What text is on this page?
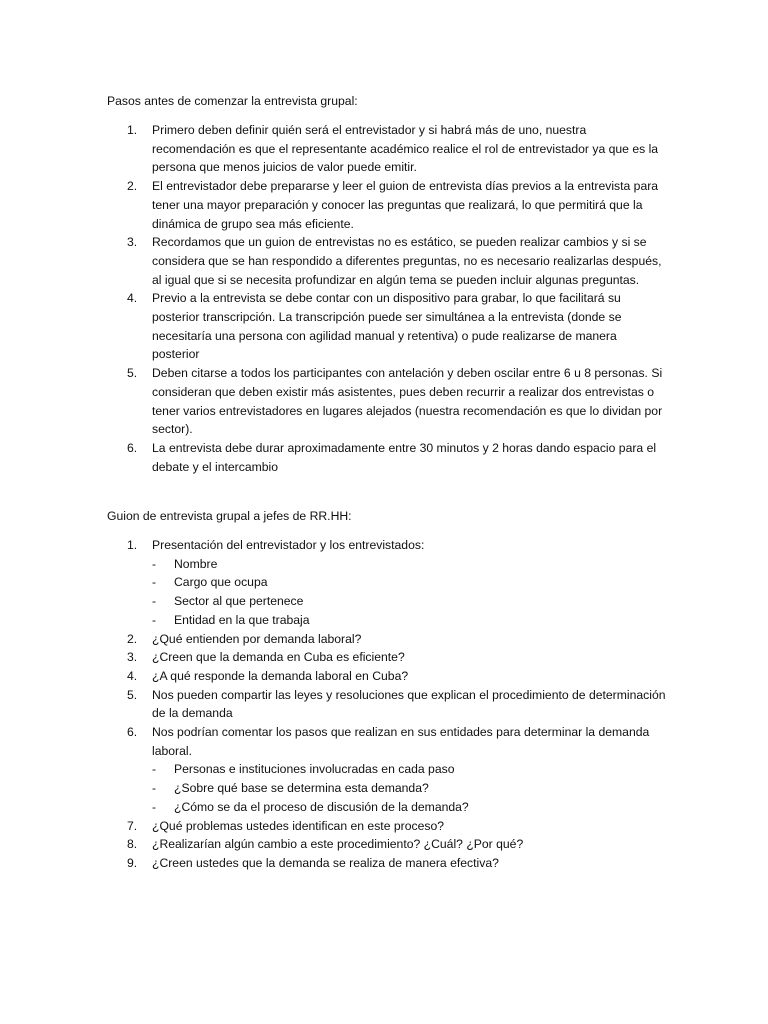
Pasos antes de comenzar la entrevista grupal:

1. Primero deben definir quién será el entrevistador y si habrá más de uno, nuestra recomendación es que el representante académico realice el rol de entrevistador ya que es la persona que menos juicios de valor puede emitir.
2. El entrevistador debe prepararse y leer el guion de entrevista días previos a la entrevista para tener una mayor preparación y conocer las preguntas que realizará, lo que permitirá que la dinámica de grupo sea más eficiente.
3. Recordamos que un guion de entrevistas no es estático, se pueden realizar cambios y si se considera que se han respondido a diferentes preguntas, no es necesario realizarlas después, al igual que si se necesita profundizar en algún tema se pueden incluir algunas preguntas.
4. Previo a la entrevista se debe contar con un dispositivo para grabar, lo que facilitará su posterior transcripción. La transcripción puede ser simultánea a la entrevista (donde se necesitaría una persona con agilidad manual y retentiva) o pude realizarse de manera posterior
5. Deben citarse a todos los participantes con antelación y deben oscilar entre 6 u 8 personas. Si consideran que deben existir más asistentes, pues deben recurrir a realizar dos entrevistas o tener varios entrevistadores en lugares alejados (nuestra recomendación es que lo dividan por sector).
6. La entrevista debe durar aproximadamente entre 30 minutos y 2 horas dando espacio para el debate y el intercambio

Guion de entrevista grupal a jefes de RR.HH:

1. Presentación del entrevistador y los entrevistados:
- Nombre
- Cargo que ocupa
- Sector al que pertenece
- Entidad en la que trabaja
2. ¿Qué entienden por demanda laboral?
3. ¿Creen que la demanda en Cuba es eficiente?
4. ¿A qué responde la demanda laboral en Cuba?
5. Nos pueden compartir las leyes y resoluciones que explican el procedimiento de determinación de la demanda
6. Nos podrían comentar los pasos que realizan en sus entidades para determinar la demanda laboral.
- Personas e instituciones involucradas en cada paso
- ¿Sobre qué base se determina esta demanda?
- ¿Cómo se da el proceso de discusión de la demanda?
7. ¿Qué problemas ustedes identifican en este proceso?
8. ¿Realizarían algún cambio a este procedimiento? ¿Cuál? ¿Por qué?
9. ¿Creen ustedes que la demanda se realiza de manera efectiva?
